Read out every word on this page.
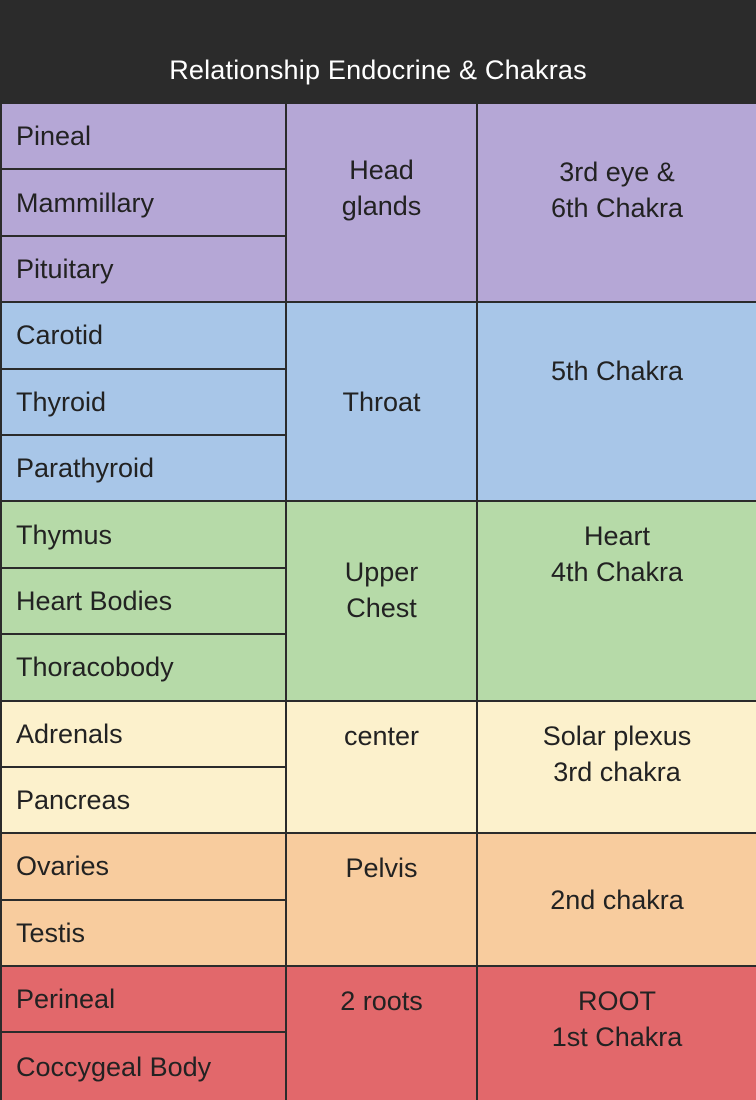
Relationship Endocrine & Chakras
Pineal
Mammillary
Pituitary
Head
glands
3rd eye &
6th Chakra
Carotid
Thyroid
Parathyroid
Throat
5th Chakra
Thymus
Heart Bodies
Thoracobody
Upper
Chest
Heart
4th Chakra
Adrenals
Pancreas
center	Solar plexus
3rd chakra
Ovaries
Testis
Pelvis
2nd chakra
Perineal
Coccygeal Body
2 roots	ROOT
1st Chakra
